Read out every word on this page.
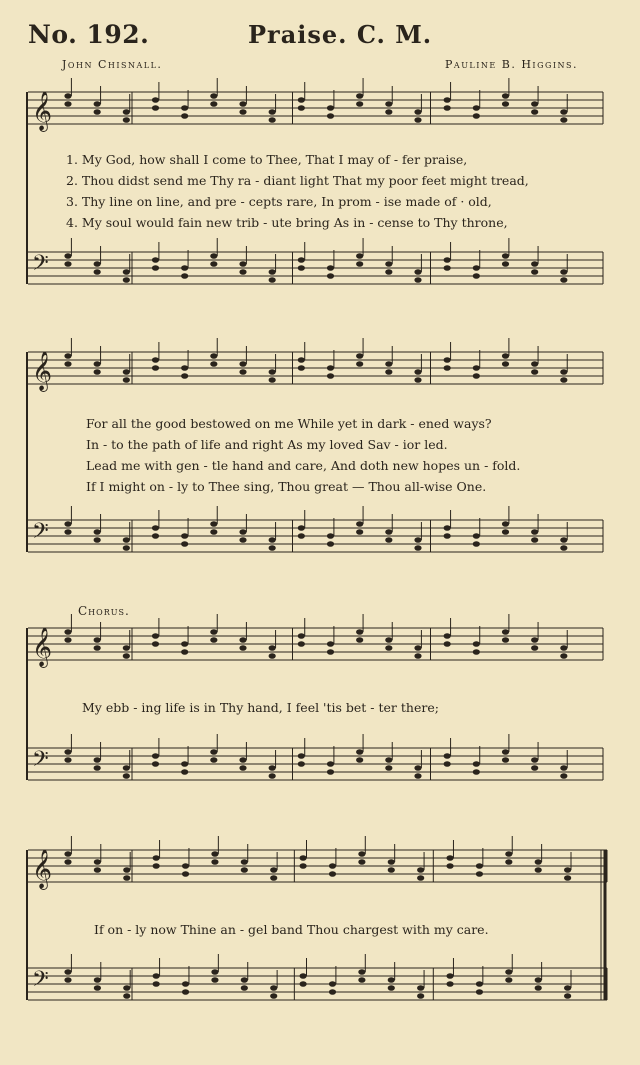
No. 192.	Praise. C. M.
John Chisnall.	Pauline B. Higgins.
𝄞
𝄢
𝄞
𝄢
𝄞
𝄢
𝄞
𝄢
1. My God, how shall I come to Thee, That I may of - fer praise,
2. Thou didst send me Thy ra - diant light That my poor feet might tread,
3. Thy line on line, and pre - cepts rare, In prom - ise made of · old,
4. My soul would fain new trib - ute bring As in - cense to Thy throne,
For all the good bestowed on me While yet in dark - ened ways?
In - to the path of life and right As my loved Sav - ior led.
Lead me with gen - tle hand and care, And doth new hopes un - fold.
If I might on - ly to Thee sing, Thou great — Thou all-wise One.
Chorus.
My ebb - ing life is in Thy hand, I feel 'tis bet - ter there;
If on - ly now Thine an - gel band Thou chargest with my care.
